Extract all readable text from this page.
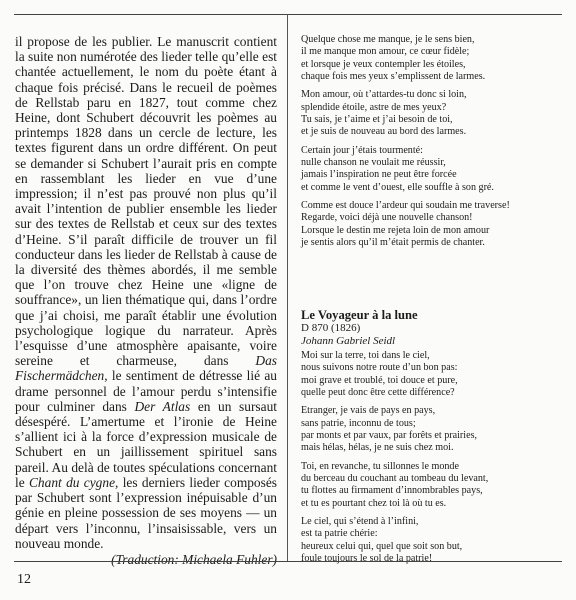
il propose de les publier. Le manuscrit contient la suite non numérotée des lieder telle qu’elle est chantée actuellement, le nom du poète étant à chaque fois précisé. Dans le recueil de poèmes de Rellstab paru en 1827, tout comme chez Heine, dont Schubert découvrit les poèmes au printemps 1828 dans un cercle de lecture, les textes figurent dans un ordre différent. On peut se demander si Schubert l’aurait pris en compte en rassemblant les lieder en vue d’une impression; il n’est pas prouvé non plus qu’il avait l’intention de publier ensemble les lieder sur des textes de Rellstab et ceux sur des textes d’Heine. S’il paraît difficile de trouver un fil conducteur dans les lieder de Rellstab à cause de la diversité des thèmes abordés, il me semble que l’on trouve chez Heine une «ligne de souffrance», un lien thématique qui, dans l’ordre que j’ai choisi, me paraît établir une évolution psychologique logique du narrateur. Après l’esquisse d’une atmosphère apaisante, voire sereine et charmeuse, dans Das Fischermädchen, le sentiment de détresse lié au drame personnel de l’amour perdu s’intensifie pour culminer dans Der Atlas en un sursaut désespéré. L’amertume et l’ironie de Heine s’allient ici à la force d’expression musicale de Schubert en un jaillissement spirituel sans pareil. Au delà de toutes spéculations concernant le Chant du cygne, les derniers lieder composés par Schubert sont l’expression inépuisable d’un génie en pleine possession de ses moyens — un départ vers l’inconnu, l’insaisissable, vers un nouveau monde.

(Traduction: Michaela Fuhler)
Quelque chose me manque, je le sens bien,
il me manque mon amour, ce cœur fidèle;
et lorsque je veux contempler les étoiles,
chaque fois mes yeux s’emplissent de larmes.
Mon amour, où t’attardes-tu donc si loin,
splendide étoile, astre de mes yeux?
Tu sais, je t’aime et j’ai besoin de toi,
et je suis de nouveau au bord des larmes.
Certain jour j’étais tourmenté:
nulle chanson ne voulait me réussir,
jamais l’inspiration ne peut être forcée
et comme le vent d’ouest, elle souffle à son gré.
Comme est douce l’ardeur qui soudain me traverse!
Regarde, voici déjà une nouvelle chanson!
Lorsque le destin me rejeta loin de mon amour
je sentis alors qu’il m’était permis de chanter.
Le Voyageur à la lune
D 870 (1826)
Johann Gabriel Seidl
Moi sur la terre, toi dans le ciel,
nous suivons notre route d’un bon pas:
moi grave et troublé, toi douce et pure,
quelle peut donc être cette différence?
Etranger, je vais de pays en pays,
sans patrie, inconnu de tous;
par monts et par vaux, par forêts et prairies,
mais hélas, hélas, je ne suis chez moi.
Toi, en revanche, tu sillonnes le monde
du berceau du couchant au tombeau du levant,
tu flottes au firmament d’innombrables pays,
et tu es pourtant chez toi là où tu es.
Le ciel, qui s’étend à l’infini,
est ta patrie chérie:
heureux celui qui, quel que soit son but,
foule toujours le sol de la patrie!
12
